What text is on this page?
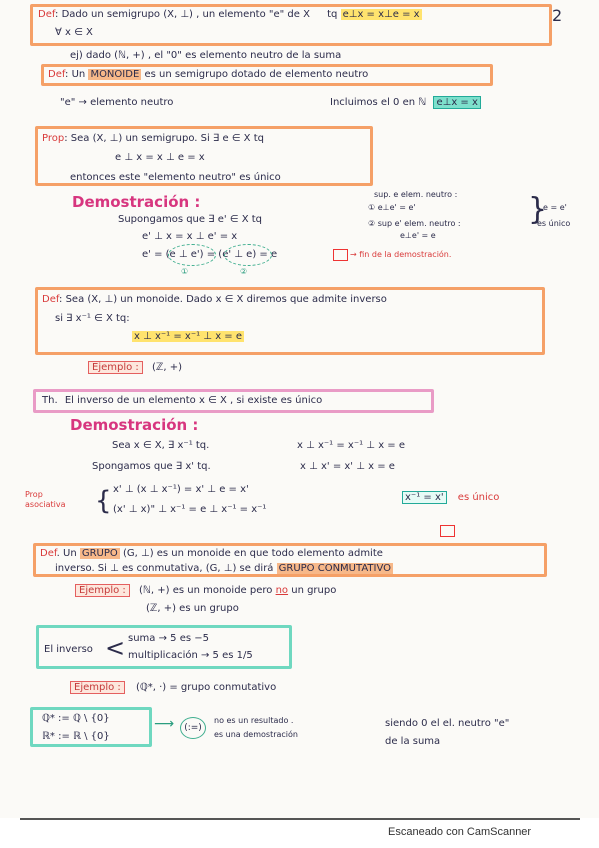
2
Def: Dado un semigrupo (X, ⊥) , un elemento "e" de X tq e⊥x = x⊥e = x
∀ x ∈ X
ej) dado (ℕ, +) , el "0" es elemento neutro de la suma
Def: Un MONOIDE es un semigrupo dotado de elemento neutro
"e" → elemento neutro	Incluimos el 0 en ℕ e⊥x = x
Prop: Sea (X, ⊥) un semigrupo. Si ∃ e ∈ X tq
e ⊥ x = x ⊥ e = x
entonces este "elemento neutro" es único
Demostración :
Supongamos que ∃ e' ∈ X tq
e' ⊥ x = x ⊥ e' = x
e' = (e ⊥ e') = (e' ⊥ e) = e
①	②
→ fin de la demostración.
sup. e elem. neutro :
① e⊥e' = e'
② sup e' elem. neutro :
e⊥e' = e
}
e = e'
es único
Def: Sea (X, ⊥) un monoide. Dado x ∈ X diremos que admite inverso
si ∃ x⁻¹ ∈ X tq:
x ⊥ x⁻¹ = x⁻¹ ⊥ x = e
Ejemplo : (ℤ, +)
Th. El inverso de un elemento x ∈ X , si existe es único
Demostración :
Sea x ∈ X, ∃ x⁻¹ tq.	x ⊥ x⁻¹ = x⁻¹ ⊥ x = e
Spongamos que ∃ x' tq.	x ⊥ x' = x' ⊥ x = e
Prop asociativa	{ x' ⊥ (x ⊥ x⁻¹) = x' ⊥ e = x'
(x' ⊥ x)" ⊥ x⁻¹ = e ⊥ x⁻¹ = x⁻¹
x⁻¹ = x' es único
Def. Un GRUPO (G, ⊥) es un monoide en que todo elemento admite
inverso. Si ⊥ es conmutativa, (G, ⊥) se dirá GRUPO CONMUTATIVO
Ejemplo : (ℕ, +) es un monoide pero no un grupo
(ℤ, +) es un grupo
El inverso < suma → 5 es −5
multiplicación → 5 es 1/5
Ejemplo : (ℚ*, ·) = grupo conmutativo
ℚ* := ℚ \ {0}
ℝ* := ℝ \ {0}
⟶	(:=)
no es un resultado .
es una demostración
siendo 0 el el. neutro "e"
de la suma
Escaneado con CamScanner
